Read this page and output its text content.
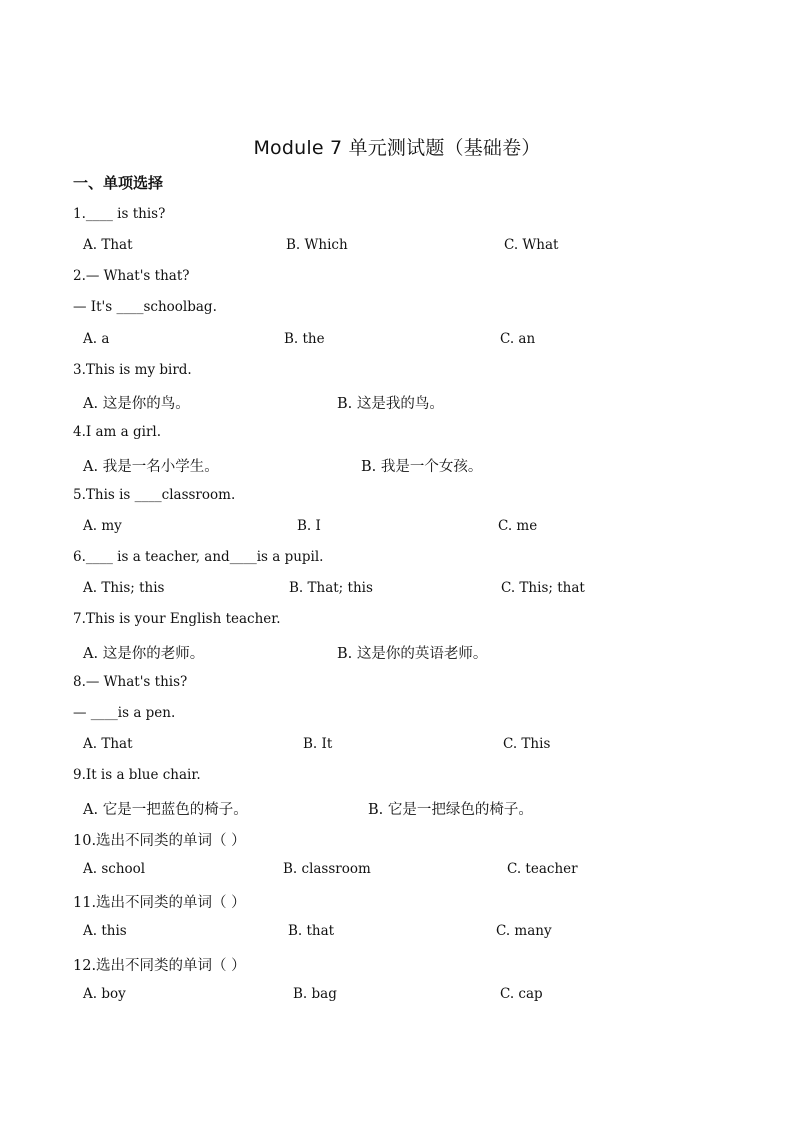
Module 7 单元测试题（基础卷）
一、单项选择
1.____ is this?
A. That	B. Which	C. What
2.— What's that?
— It's ____schoolbag.
A. a	B. the	C. an
3.This is my bird.
A. 这是你的鸟。	B. 这是我的鸟。
4.I am a girl.
A. 我是一名小学生。	B. 我是一个女孩。
5.This is ____classroom.
A. my	B. I	C. me
6.____ is a teacher, and____is a pupil.
A. This; this	B. That; this	C. This; that
7.This is your English teacher.
A. 这是你的老师。	B. 这是你的英语老师。
8.— What's this?
— ____is a pen.
A. That	B. It	C. This
9.It is a blue chair.
A. 它是一把蓝色的椅子。	B. 它是一把绿色的椅子。
10.选出不同类的单词（ ）
A. school	B. classroom	C. teacher
11.选出不同类的单词（ ）
A. this	B. that	C. many
12.选出不同类的单词（ ）
A. boy	B. bag	C. cap
